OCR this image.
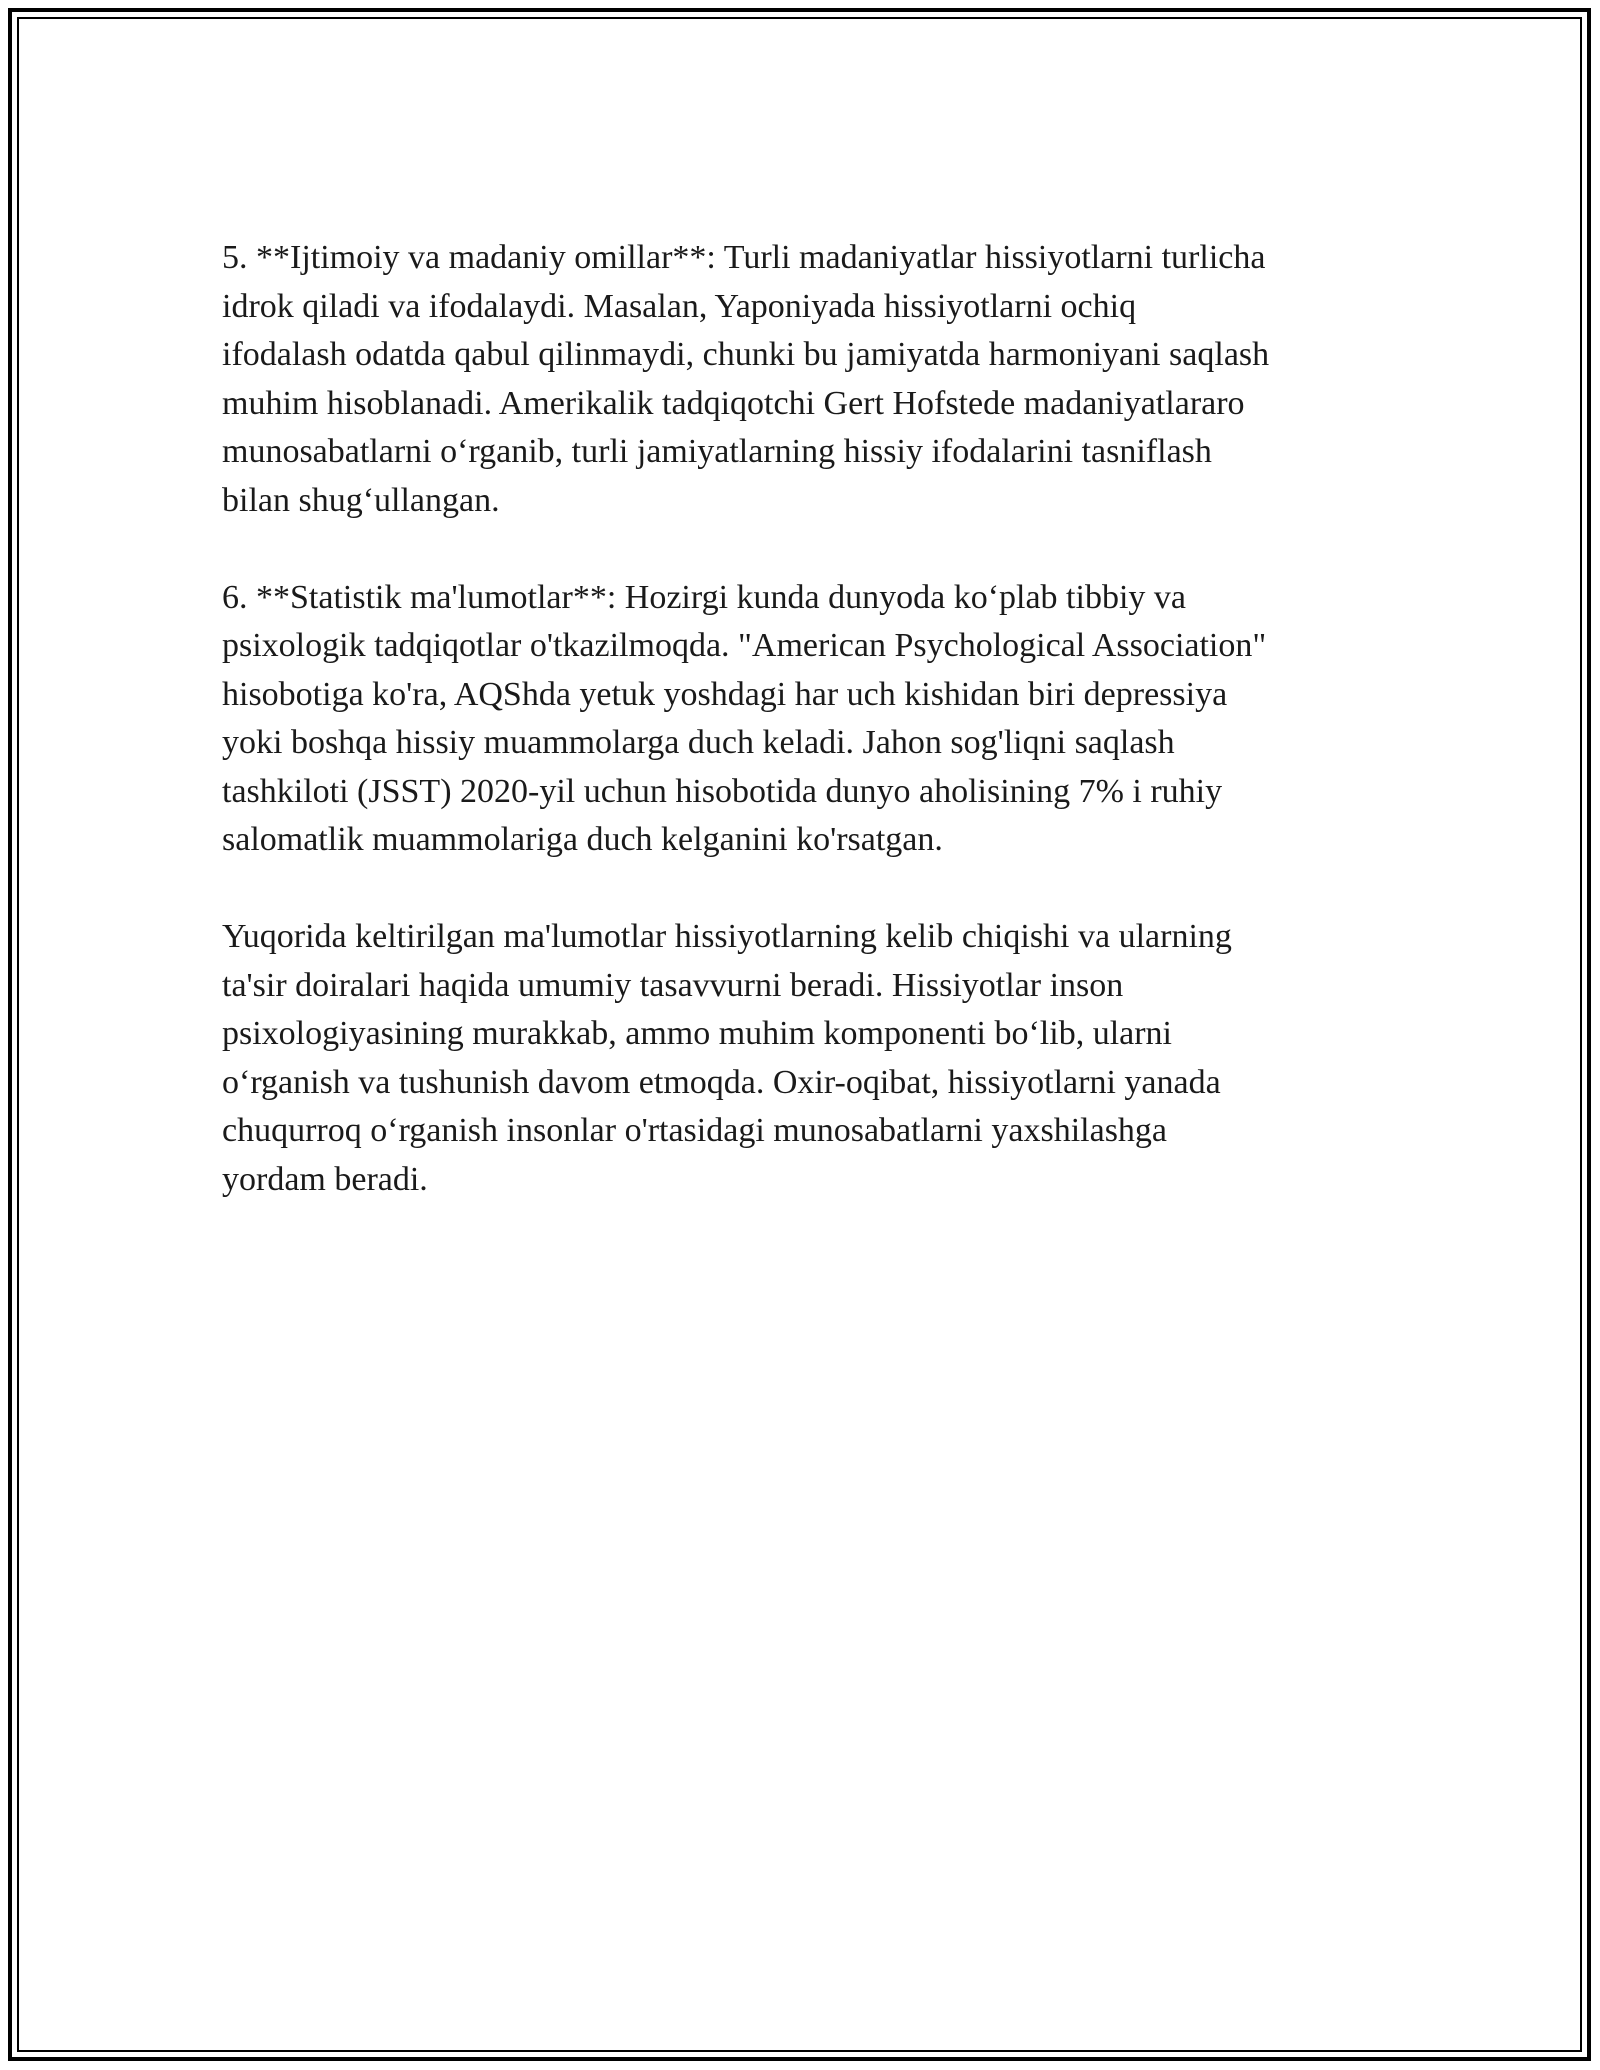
5. **Ijtimoiy va madaniy omillar**: Turli madaniyatlar hissiyotlarni turlicha
idrok qiladi va ifodalaydi. Masalan, Yaponiyada hissiyotlarni ochiq
ifodalash odatda qabul qilinmaydi, chunki bu jamiyatda harmoniyani saqlash
muhim hisoblanadi. Amerikalik tadqiqotchi Gert Hofstede madaniyatlararo
munosabatlarni o‘rganib, turli jamiyatlarning hissiy ifodalarini tasniflash
bilan shug‘ullangan.

6. **Statistik ma'lumotlar**: Hozirgi kunda dunyoda ko‘plab tibbiy va
psixologik tadqiqotlar o'tkazilmoqda. "American Psychological Association"
hisobotiga ko'ra, AQShda yetuk yoshdagi har uch kishidan biri depressiya
yoki boshqa hissiy muammolarga duch keladi. Jahon sog'liqni saqlash
tashkiloti (JSST) 2020-yil uchun hisobotida dunyo aholisining 7% i ruhiy
salomatlik muammolariga duch kelganini ko'rsatgan.

Yuqorida keltirilgan ma'lumotlar hissiyotlarning kelib chiqishi va ularning
ta'sir doiralari haqida umumiy tasavvurni beradi. Hissiyotlar inson
psixologiyasining murakkab, ammo muhim komponenti bo‘lib, ularni
o‘rganish va tushunish davom etmoqda. Oxir-oqibat, hissiyotlarni yanada
chuqurroq o‘rganish insonlar o'rtasidagi munosabatlarni yaxshilashga
yordam beradi.
